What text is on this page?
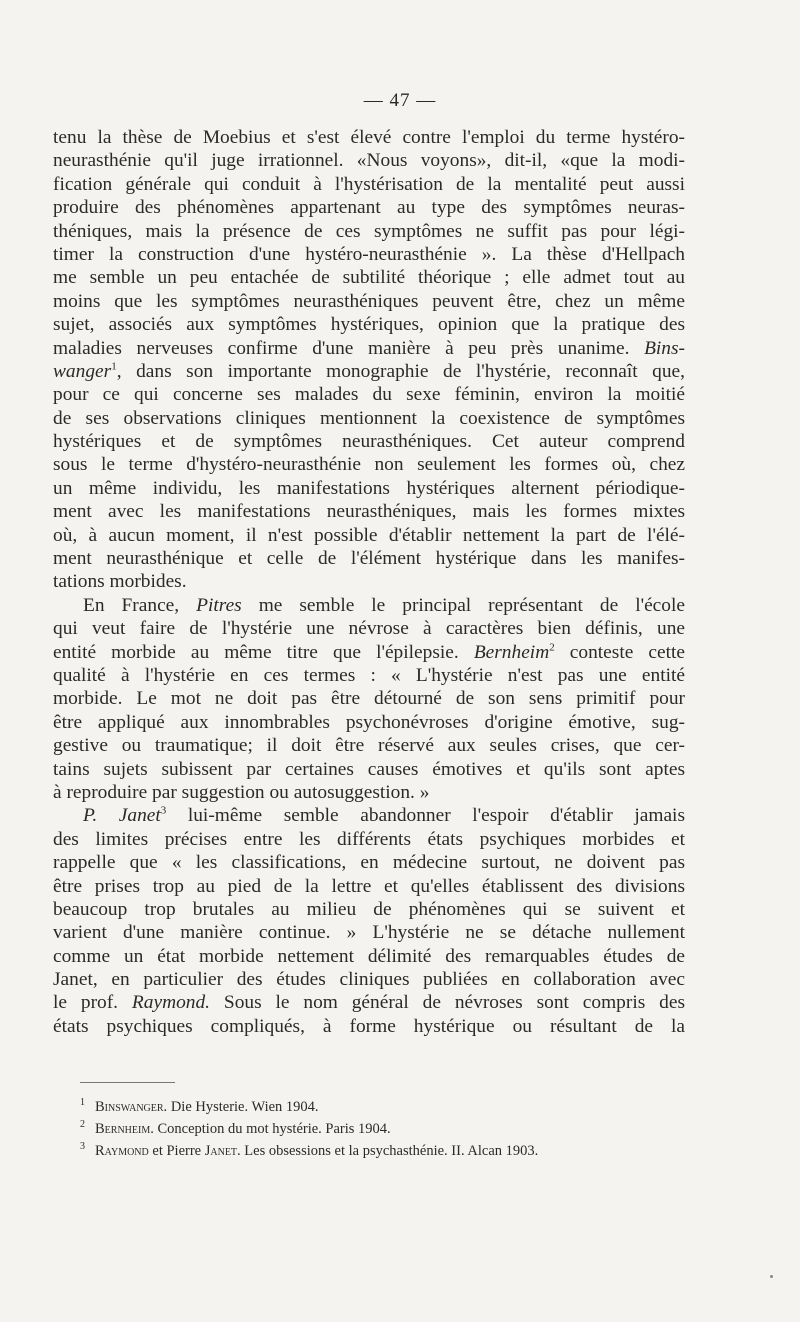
— 47 —
tenu la thèse de Moebius et s'est élevé contre l'emploi du terme hystéro-
neurasthénie qu'il juge irrationnel. «Nous voyons», dit-il, «que la modi-
fication générale qui conduit à l'hystérisation de la mentalité peut aussi
produire des phénomènes appartenant au type des symptômes neuras-
théniques, mais la présence de ces symptômes ne suffit pas pour légi-
timer la construction d'une hystéro-neurasthénie ». La thèse d'Hellpach
me semble un peu entachée de subtilité théorique ; elle admet tout au
moins que les symptômes neurasthéniques peuvent être, chez un même
sujet, associés aux symptômes hystériques, opinion que la pratique des
maladies nerveuses confirme d'une manière à peu près unanime. Bins-
wanger$^1$, dans son importante monographie de l'hystérie, reconnaît que,
pour ce qui concerne ses malades du sexe féminin, environ la moitié
de ses observations cliniques mentionnent la coexistence de symptômes
hystériques et de symptômes neurasthéniques. Cet auteur comprend
sous le terme d'hystéro-neurasthénie non seulement les formes où, chez
un même individu, les manifestations hystériques alternent périodique-
ment avec les manifestations neurasthéniques, mais les formes mixtes
où, à aucun moment, il n'est possible d'établir nettement la part de l'élé-
ment neurasthénique et celle de l'élément hystérique dans les manifes-
tations morbides.
En France, Pitres me semble le principal représentant de l'école
qui veut faire de l'hystérie une névrose à caractères bien définis, une
entité morbide au même titre que l'épilepsie. Bernheim$^2$ conteste cette
qualité à l'hystérie en ces termes : « L'hystérie n'est pas une entité
morbide. Le mot ne doit pas être détourné de son sens primitif pour
être appliqué aux innombrables psychonévroses d'origine émotive, sug-
gestive ou traumatique; il doit être réservé aux seules crises, que cer-
tains sujets subissent par certaines causes émotives et qu'ils sont aptes
à reproduire par suggestion ou autosuggestion. »
P. Janet$^3$ lui-même semble abandonner l'espoir d'établir jamais
des limites précises entre les différents états psychiques morbides et
rappelle que « les classifications, en médecine surtout, ne doivent pas
être prises trop au pied de la lettre et qu'elles établissent des divisions
beaucoup trop brutales au milieu de phénomènes qui se suivent et
varient d'une manière continue. » L'hystérie ne se détache nullement
comme un état morbide nettement délimité des remarquables études de
Janet, en particulier des études cliniques publiées en collaboration avec
le prof. Raymond. Sous le nom général de névroses sont compris des
états psychiques compliqués, à forme hystérique ou résultant de la
$^1$ Binswanger. Die Hysterie. Wien 1904.
$^2$ Bernheim. Conception du mot hystérie. Paris 1904.
$^3$ Raymond et Pierre Janet. Les obsessions et la psychasthénie. II. Alcan 1903.
